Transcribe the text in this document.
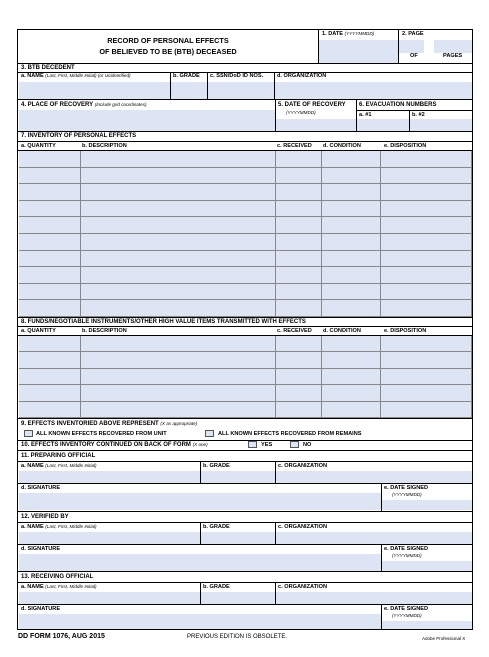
RECORD OF PERSONAL EFFECTS
OF BELIEVED TO BE (BTB) DECEASED
1. DATE (YYYYMMDD)	2. PAGE
OF	PAGES
3. BTB DECEDENT
a. NAME (Last, First, Middle Initial) (or Unidentified)	b. GRADE c. SSN/DoD ID NOS. d. ORGANIZATION
4. PLACE OF RECOVERY (Include grid coordinates)	5. DATE OF RECOVERY
(YYYYMMDD)
6. EVACUATION NUMBERS
a. #1	b. #2
7. INVENTORY OF PERSONAL EFFECTS
a. QUANTITY	b. DESCRIPTION	c. RECEIVED d. CONDITION	e. DISPOSITION
8. FUNDS/NEGOTIABLE INSTRUMENTS/OTHER HIGH VALUE ITEMS TRANSMITTED WITH EFFECTS
a. QUANTITY	b. DESCRIPTION	c. RECEIVED d. CONDITION	e. DISPOSITION
9. EFFECTS INVENTORIED ABOVE REPRESENT (X as appropriate)
ALL KNOWN EFFECTS RECOVERED FROM UNIT	ALL KNOWN EFFECTS RECOVERED FROM REMAINS
10. EFFECTS INVENTORY CONTINUED ON BACK OF FORM (X one)	YES	NO
11. PREPARING OFFICIAL
a. NAME (Last, First, Middle Initial)	b. GRADE	c. ORGANIZATION
d. SIGNATURE	e. DATE SIGNED
(YYYYMMDD)
12. VERIFIED BY
a. NAME (Last, First, Middle Initial)	b. GRADE	c. ORGANIZATION
d. SIGNATURE	e. DATE SIGNED
(YYYYMMDD)
13. RECEIVING OFFICIAL
a. NAME (Last, First, Middle Initial)	b. GRADE	c. ORGANIZATION
d. SIGNATURE	e. DATE SIGNED
(YYYYMMDD)
DD FORM 1076, AUG 2015	PREVIOUS EDITION IS OBSOLETE.	Adobe Professional X
